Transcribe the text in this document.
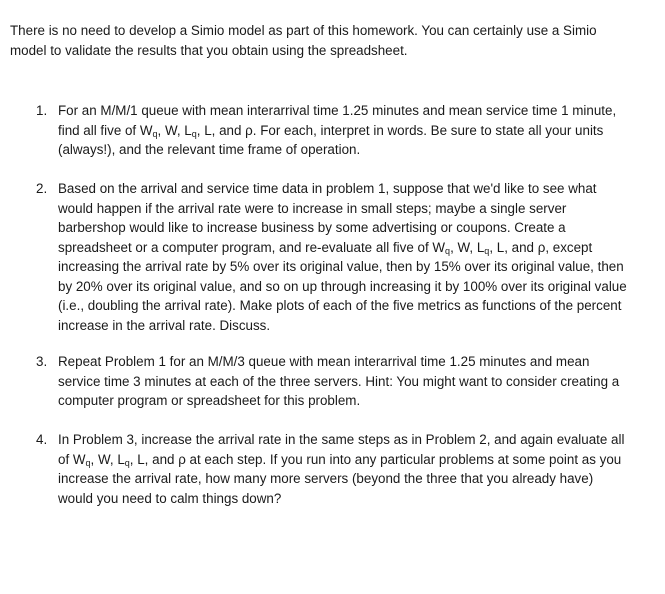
There is no need to develop a Simio model as part of this homework. You can certainly use a Simio
model to validate the results that you obtain using the spreadsheet.

1. For an M/M/1 queue with mean interarrival time 1.25 minutes and mean service time 1 minute,
find all five of $W_q$, W, $L_q$, L, and ρ. For each, interpret in words. Be sure to state all your units
(always!), and the relevant time frame of operation.

2. Based on the arrival and service time data in problem 1, suppose that we'd like to see what
would happen if the arrival rate were to increase in small steps; maybe a single server
barbershop would like to increase business by some advertising or coupons. Create a
spreadsheet or a computer program, and re-evaluate all five of $W_q$, W, $L_q$, L, and ρ, except
increasing the arrival rate by 5% over its original value, then by 15% over its original value, then
by 20% over its original value, and so on up through increasing it by 100% over its original value
(i.e., doubling the arrival rate). Make plots of each of the five metrics as functions of the percent
increase in the arrival rate. Discuss.

3. Repeat Problem 1 for an M/M/3 queue with mean interarrival time 1.25 minutes and mean
service time 3 minutes at each of the three servers. Hint: You might want to consider creating a
computer program or spreadsheet for this problem.

4. In Problem 3, increase the arrival rate in the same steps as in Problem 2, and again evaluate all
of $W_q$, W, $L_q$, L, and ρ at each step. If you run into any particular problems at some point as you
increase the arrival rate, how many more servers (beyond the three that you already have)
would you need to calm things down?
